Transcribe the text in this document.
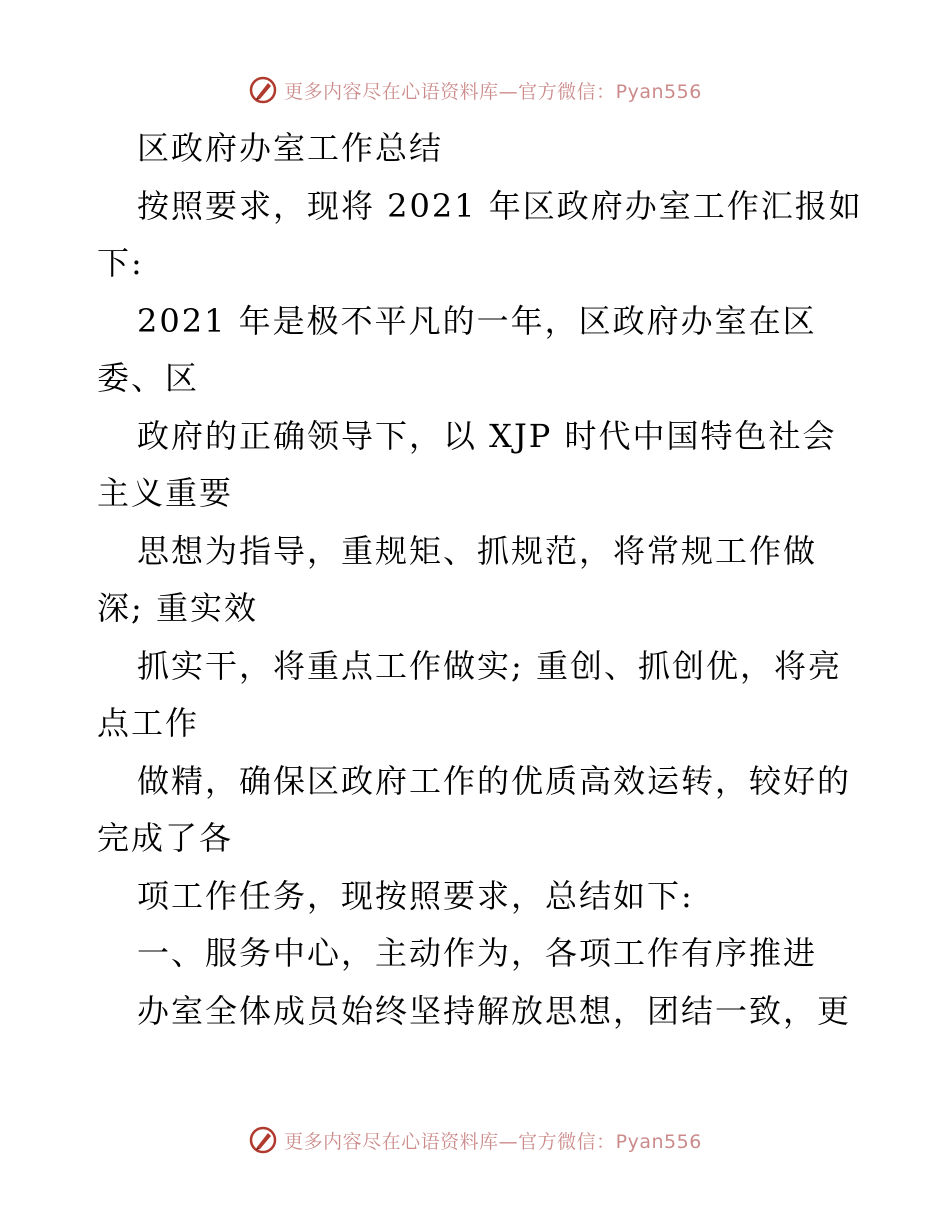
更多内容尽在心语资料库—官方微信：Pyan556
区政府办室工作总结
按照要求，现将 2021 年区政府办室工作汇报如
下:
2021 年是极不平凡的一年，区政府办室在区
委、区
政府的正确领导下，以 XJP 时代中国特色社会
主义重要
思想为指导，重规矩、抓规范，将常规工作做
深; 重实效
抓实干，将重点工作做实; 重创、抓创优，将亮
点工作
做精，确保区政府工作的优质高效运转，较好的
完成了各
项工作任务，现按照要求，总结如下:
一、服务中心，主动作为，各项工作有序推进
办室全体成员始终坚持解放思想，团结一致，更
更多内容尽在心语资料库—官方微信：Pyan556
